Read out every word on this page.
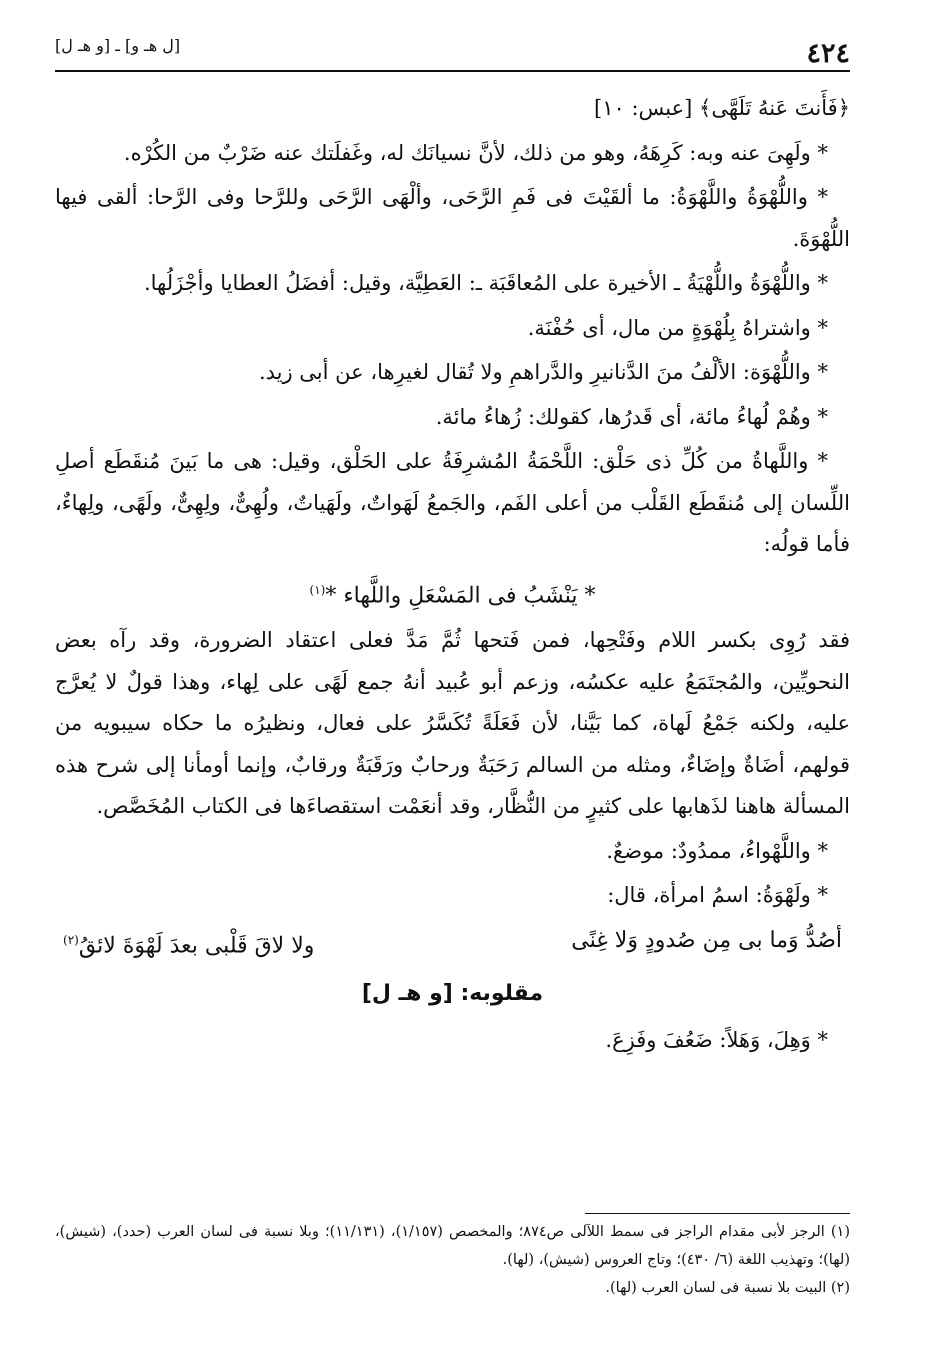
٤٢٤
[ل هـ و] ـ [و هـ ل]

﴿فَأَنتَ عَنهُ تَلَهَّى﴾ [عبس: ١٠]

* ولَهِىَ عنه وبه: كَرِهَهُ، وهو من ذلك، لأنَّ نسيانَك له، وغَفلَتك عنه ضَرْبٌ من الكُرْه.

* واللُّهْوَةُ واللَّهْوَةُ: ما ألقَيْتَ فى فَمِ الرَّحَى، وألْهَى الرَّحَى وللرَّحا وفى الرَّحا: ألقى فيها اللُّهْوَةَ.

* واللُّهْوَةُ واللُّهْيَةُ ـ الأخيرة على المُعاقَبَة ـ: العَطِيَّة، وقيل: أفضَلُ العطايا وأجْزَلُها.

* واشتراهُ بِلُهْوَةٍ من مال، أى حُفْنَة.

* واللُّهْوَة: الألْفُ منَ الدَّنانيرِ والدَّراهمِ ولا تُقال لغيرِها، عن أبى زيد.

* وهُمْ لُهاءُ مائة، أى قَدرُها، كقولك: زُهاءُ مائة.

* واللَّهاةُ من كُلِّ ذى حَلْق: اللَّحْمَةُ المُشرِفَةُ على الحَلْق، وقيل: هى ما بَينَ مُنقَطَع أصلِ اللِّسان إلى مُنقَطَع القَلْب من أعلى الفَم، والجَمعُ لَهَواتٌ، ولَهَياتٌ، ولُهِىٌّ، ولِهِىٌّ، ولَهًى، ولِهاءٌ، فأما قولُه:

* يَنْشَبُ فى المَسْعَلِ واللَّهاء *$^{(١)}$

فقد رُوِى بكسر اللام وفَتْحِها، فمن فَتحها ثُمَّ مَدَّ فعلى اعتقاد الضرورة، وقد رآه بعض النحويِّين، والمُجتَمَعُ عليه عكسُه، وزعم أبو عُبيد أنهُ جمع لَهًى على لِهاء، وهذا قولٌ لا يُعرَّج عليه، ولكنه جَمْعُ لَهاة، كما بَيَّنا، لأن فَعَلَةً تُكَسَّرُ على فعال، ونظيرُه ما حكاه سيبويه من قولهم، أضَاةٌ وإضَاءٌ، ومثله من السالم رَحَبَةٌ ورحابٌ ورَقَبَةٌ ورقابٌ، وإنما أومأنا إلى شرح هذه المسألة هاهنا لذَهابها على كثيرٍ من النُّظَّار، وقد أنعَمْت استقصاءَها فى الكتاب المُخَصَّص.

* واللَّهْواءُ، ممدُودٌ: موضعٌ.

* ولَهْوَةُ: اسمُ امرأة، قال:

أصُدُّ وَما بى مِن صُدودٍ وَلا غِنًى
ولا لاقَ قَلْبى بعدَ لَهْوَةَ لائقُ$^{(٢)}$

مقلوبه: [و هـ ل]

* وَهِلَ، وَهَلاً: ضَعُفَ وفَزِعَ.

(١) الرجز لأبى مقدام الراجز فى سمط اللآلى ص٨٧٤؛ والمخصص (١/١٥٧)، (١١/١٣١)؛ وبلا نسبة فى لسان العرب (حدد)، (شيش)، (لها)؛ وتهذيب اللغة (٦/ ٤٣٠)؛ وتاج العروس (شيش)، (لها).

(٢) البيت بلا نسبة فى لسان العرب (لها).
